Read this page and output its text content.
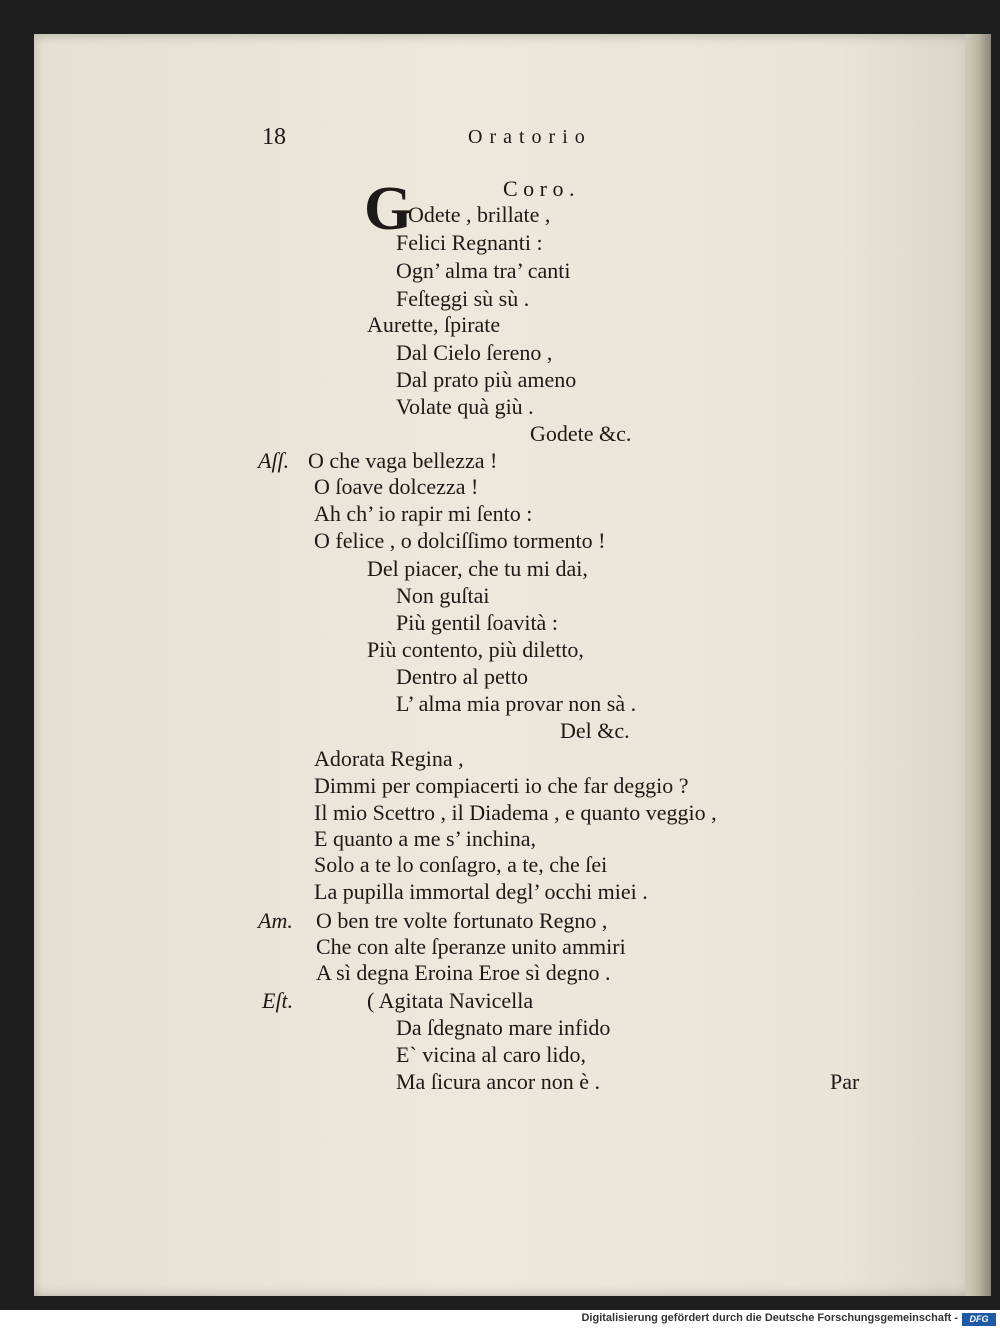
18	O r a t o r i o
C o r o .
G
Odete , brillate ,
Felici Regnanti :
Ogn’ alma tra’ canti
Feſteggi sù sù .
Aurette, ſpirate
Dal Cielo ſereno ,
Dal prato più ameno
Volate quà giù .
Godete &c.
Aſſ. O che vaga bellezza !
O ſoave dolcezza !
Ah ch’ io rapir mi ſento :
O felice , o dolciſſimo tormento !
Del piacer, che tu mi dai,
Non guſtai
Più gentil ſoavità :
Più contento, più diletto,
Dentro al petto
L’ alma mia provar non sà .
Del &c.
Adorata Regina ,
Dimmi per compiacerti io che far deggio ?
Il mio Scettro , il Diadema , e quanto veggio ,
E quanto a me s’ inchina,
Solo a te lo conſagro, a te, che ſei
La pupilla immortal degl’ occhi miei .
Am. O ben tre volte fortunato Regno ,
Che con alte ſperanze unito ammiri
A sì degna Eroina Eroe sì degno .
Eſt.	( Agitata Navicella
Da ſdegnato mare infido
E` vicina al caro lido,
Ma ſicura ancor non è .	Par
Digitalisierung gefördert durch die Deutsche Forschungsgemeinschaft -	DFG
